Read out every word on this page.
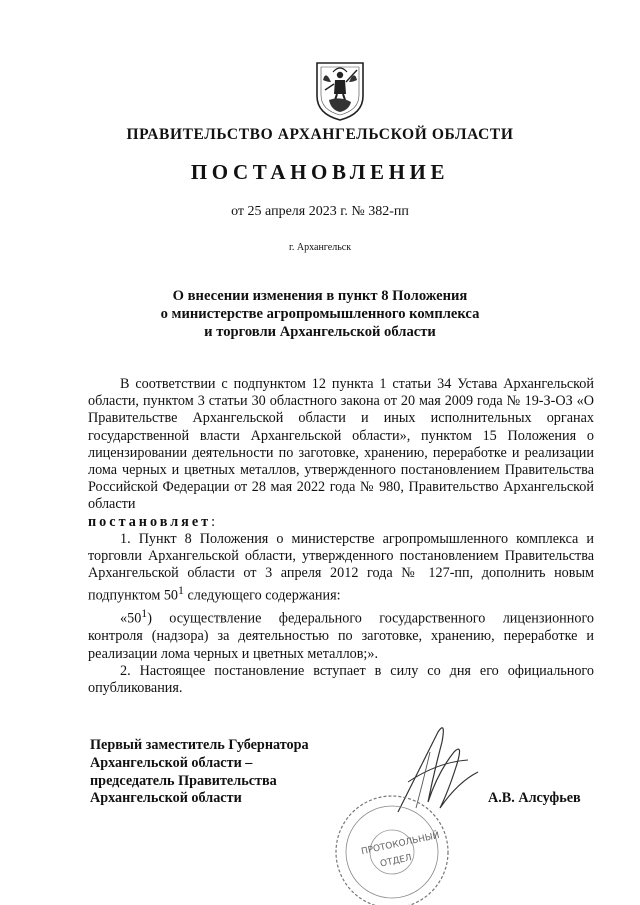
ПРАВИТЕЛЬСТВО АРХАНГЕЛЬСКОЙ ОБЛАСТИ
ПОСТАНОВЛЕНИЕ
от 25 апреля 2023 г. № 382-пп
г. Архангельск
О внесении изменения в пункт 8 Положения
о министерстве агропромышленного комплекса
и торговли Архангельской области

В соответствии с подпунктом 12 пункта 1 статьи 34 Устава Архангельской области, пунктом 3 статьи 30 областного закона от 20 мая 2009 года № 19-З-ОЗ «О Правительстве Архангельской области и иных исполнительных органах государственной власти Архангельской области», пунктом 15 Положения о лицензировании деятельности по заготовке, хранению, переработке и реализации лома черных и цветных металлов, утвержденного постановлением Правительства Российской Федерации от 28 мая 2022 года № 980, Правительство Архангельской области

постановляет:

1. Пункт 8 Положения о министерстве агропромышленного комплекса и торговли Архангельской области, утвержденного постановлением Правительства Архангельской области от 3 апреля 2012 года № 127-пп, дополнить новым подпунктом $50^1$ следующего содержания:

«$50^1$) осуществление федерального государственного лицензионного контроля (надзора) за деятельностью по заготовке, хранению, переработке и реализации лома черных и цветных металлов;».

2. Настоящее постановление вступает в силу со дня его официального опубликования.

Первый заместитель Губернатора
Архангельской области –
председатель Правительства
Архангельской области	А.В. Алсуфьев
ПРОТОКОЛЬНЫЙ
ОТДЕЛ
